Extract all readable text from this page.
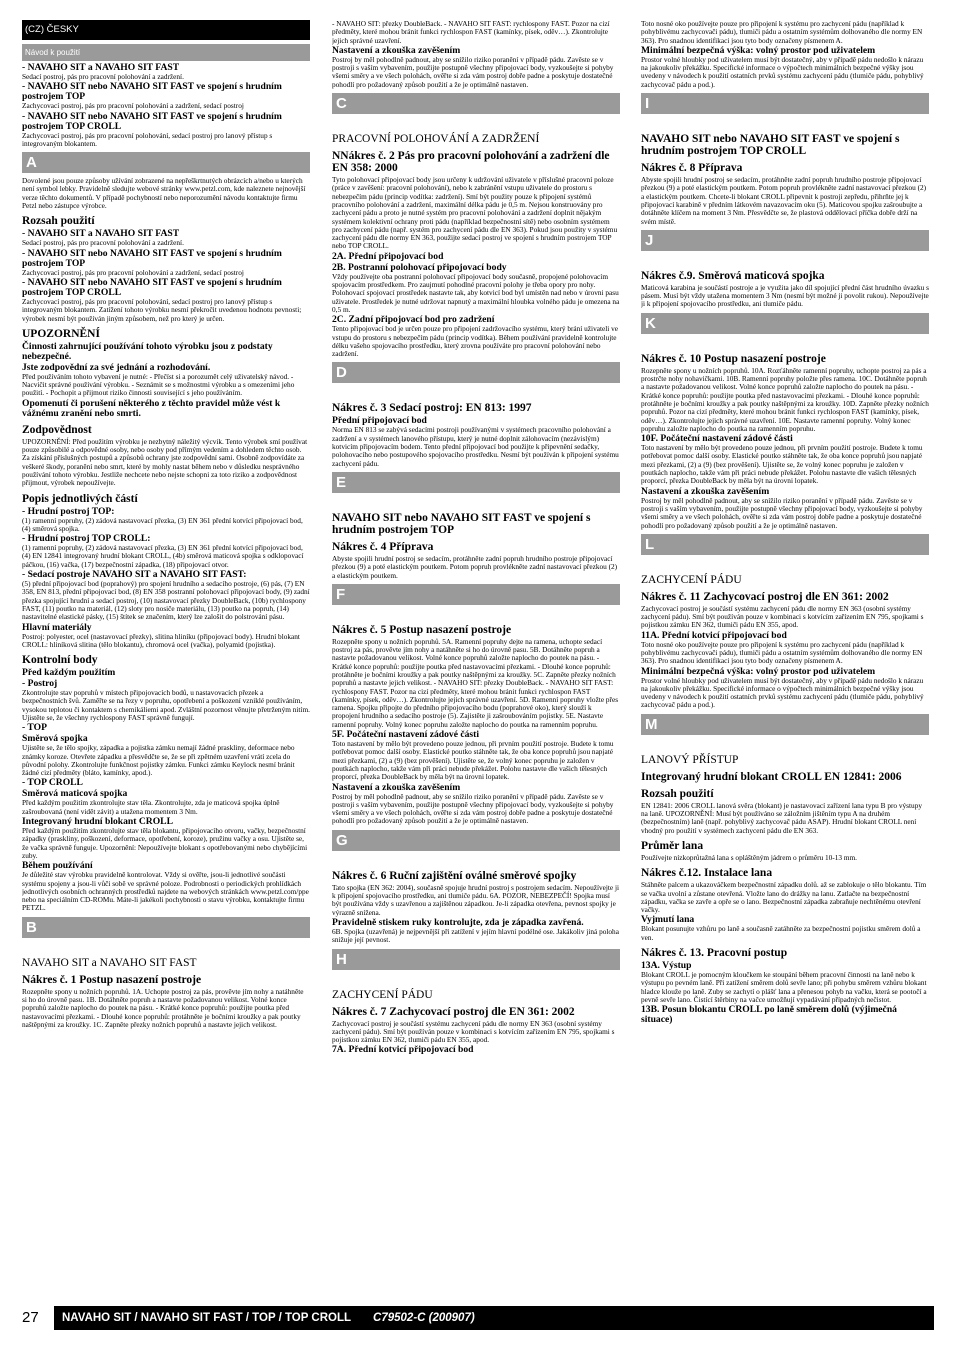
(CZ) ČESKY
Návod k použití

- NAVAHO SIT a NAVAHO SIT FAST

Sedací postroj, pás pro pracovní polohování a zadržení.

- NAVAHO SIT nebo NAVAHO SIT FAST ve spojení s hrudním postrojem TOP

Zachycovací postroj, pás pro pracovní polohování a zadržení, sedací postroj

- NAVAHO SIT nebo NAVAHO SIT FAST ve spojení s hrudním postrojem TOP CROLL

Zachycovací postroj, pás pro pracovní polohování, sedací postroj pro lanový přístup s integrovaným blokantem.

A

Dovolené jsou pouze způsoby užívání zobrazené na nepřeškrtnutých obrázcích a/nebo u kterých není symbol lebky. Pravidelně sledujte webové stránky www.petzl.com, kde naleznete nejnovější verze těchto dokumentů. V případě pochybností nebo neporozumění návodu kontaktujte firmu Petzl nebo zástupce výrobce.

Rozsah použití

- NAVAHO SIT a NAVAHO SIT FAST

Sedací postroj, pás pro pracovní polohování a zadržení.

- NAVAHO SIT nebo NAVAHO SIT FAST ve spojení s hrudním postrojem TOP

Zachycovací postroj, pás pro pracovní polohování a zadržení, sedací postroj

- NAVAHO SIT nebo NAVAHO SIT FAST ve spojení s hrudním postrojem TOP CROLL

Zachycovací postroj, pás pro pracovní polohování, sedací postroj pro lanový přístup s integrovaným blokantem. Zatížení tohoto výrobku nesmí překročit uvedenou hodnotu pevnosti; výrobek nesmí být používán jiným způsobem, než pro který je určen.

UPOZORNĚNÍ

Činnosti zahrnující používání tohoto výrobku jsou z podstaty nebezpečné.

Jste zodpovědní za své jednání a rozhodování.

Před používáním tohoto vybavení je nutné: - Přečíst si a porozumět celý uživatelský návod. - Nacvičit správné používání výrobku. - Seznámit se s možnostmi výrobku a s omezeními jeho použití. - Pochopit a přijmout riziko činnosti související s jeho používáním.

Opomenutí či porušení některého z těchto pravidel může vést k vážnému zranění nebo smrti.

Zodpovědnost

UPOZORNĚNÍ: Před použitím výrobku je nezbytný náležitý výcvik. Tento výrobek smí používat pouze způsobilé a odpovědné osoby, nebo osoby pod přímým vedením a dohledem těchto osob. Za získání příslušných postupů a způsobů ochrany jste zodpovědní sami. Osobně zodpovídáte za veškeré škody, poranění nebo smrt, které by mohly nastat během nebo v důsledku nesprávného používání tohoto výrobku. Jestliže nechcete nebo nejste schopni za toto riziko a zodpovědnost přijmout, výrobek nepoužívejte.

Popis jednotlivých částí

- Hrudní postroj TOP:

(1) ramenní popruhy, (2) zádová nastavovací přezka, (3) EN 361 přední kotvící připojovací bod, (4) směrová spojka.

- Hrudní postroj TOP CROLL:

(1) ramenní popruhy, (2) zádová nastavovací přezka, (3) EN 361 přední kotvící připojovací bod, (4) EN 12841 integrovaný hrudní blokant CROLL, (4b) směrová maticová spojka s odklopovací páčkou, (16) vačka, (17) bezpečnostní západka, (18) připojovací otvor.

- Sedací postroje NAVAHO SIT a NAVAHO SIT FAST:

(5) přední připojovací bod (poprahový) pro spojení hrudního a sedacího postroje, (6) pás, (7) EN 358, EN 813, přední připojovací bod, (8) EN 358 postranní polohovací připojovací body, (9) zadní přezka spojující hrudní a sedací postroj, (10) nastavovací přezky DoubleBack, (10b) rychlospony FAST, (11) poutko na materiál, (12) sloty pro nosiče materiálu, (13) poutko na popruh, (14) nastavitelné elastické pásky, (15) štítek se značením, který lze zalošit do polstrování pásu.

Hlavní materiály

Postroj: polyester, ocel (nastavovací přezky), slitina hliníku (připojovací body). Hrudní blokant CROLL: hliníková slitina (tělo blokantu), chromová ocel (vačka), polyamid (pojistka).

Kontrolní body

Před každým použitím

- Postroj

Zkontrolujte stav popruhů v místech připojovacích bodů, u nastavovacích přezek a bezpečnostních švů. Zaměřte se na řezy v popruhu, opotřebení a poškození vzniklé používáním, vysokou teplotou či kontaktem s chemikáliemi apod. Zvláštní pozornost věnujte přetrženým nitím. Ujistěte se, že všechny rychlospony FAST správně fungují.

- TOP

Směrová spojka

Ujistěte se, že tělo spojky, západka a pojistka zámku nemají žádné praskliny, deformace nebo známky koroze. Otevřete západku a přesvědčte se, že se při zpětném uzavření vrátí zcela do původní polohy. Zkontrolujte funkčnost pojistky zámku. Funkci zámku Keylock nesmí bránit žádné cizí předměty (bláto, kamínky, apod.).

- TOP CROLL

Směrová maticová spojka

Před každým použitím zkontrolujte stav těla. Zkontrolujte, zda je maticová spojka úplně zašroubovaná (není vidět závit) a utažena momentem 3 Nm.

Integrovaný hrudní blokant CROLL

Před každým použitím zkontrolujte stav těla blokantu, připojovacího otvoru, vačky, bezpečnostní západky (praskliny, poškození, deformace, opotřebení, koroze), pružinu vačky a osu. Ujistěte se, že vačka správně funguje. Upozornění: Nepoužívejte blokant s opotřebovanými nebo chybějícími zuby.

Během používání

Je důležité stav výrobku pravidelně kontrolovat. Vždy si ověřte, jsou-li jednotlivé součásti systému spojeny a jsou-li vůči sobě ve správné poloze. Podrobnosti o periodických prohlídkách jednotlivých osobních ochranných prostředků najdete na webových stránkách www.petzl.com/ppe nebo na speciálním CD-ROMu. Máte-li jakékoli pochybnosti o stavu výrobku, kontaktujte firmu PETZL.

B

NAVAHO SIT a NAVAHO SIT FAST

Nákres č. 1 Postup nasazení postroje

Rozepněte spony u nožních popruhů. 1A. Uchopte postroj za pás, prověvte jím nohy a natáhněte si ho do úrovně pasu. 1B. Dotáhněte popruh a nastavte požadovanou velikost. Volné konce popruhů založte naplocho do poutek na pásu. - Krátké konce popruhů: použijte poutka před nastavovacími přezkami. - Dlouhé konce popruhů: protáhněte je bočními kroužky a pak poutky naštěpnými za kroužky. 1C. Zapněte přezky nožních popruhů a nastavte jejich velikost.

- NAVAHO SIT: přezky DoubleBack. - NAVAHO SIT FAST: rychlospony FAST. Pozor na cizí předměty, které mohou bránit funkci rychlospon FAST (kamínky, písek, oděv…). Zkontrolujte jejich správné uzavření.

Nastavení a zkouška zavěšením

Postroj by měl pohodlně padnout, aby se snížilo riziko poranění v případě pádu. Zavěste se v postroji s vaším vybavením, použijte postupně všechny připojovací body, vyzkoušejte si pohyby všemi směry a ve všech polohách, ověřte si zda vám postroj dobře padne a poskytuje dostatečné pohodlí pro požadovaný způsob použití a že je optimálně nastaven.

C

PRACOVNÍ POLOHOVÁNÍ A ZADRŽENÍ

NNákres č. 2 Pás pro pracovní polohování a zadržení dle EN 358: 2000

Tyto polohovací připojovací body jsou určeny k udržování uživatele v příslušné pracovní poloze (práce v zavěšení: pracovní polohování), nebo k zabránění vstupu uživatele do prostoru s nebezpečím pádu (princip vodítka: zadržení). Smí být použity pouze k připojení systémů pracovního polohování a zadržení, maximální délka pádu je 0,5 m. Nejsou konstruovány pro zachycení pádu a proto je nutné systém pro pracovní polohování a zadržení doplnit nějakým systémem kolektivní ochrany proti pádu (například bezpečnostní sítě) nebo osobním systémem pro zachycení pádu (např. systém pro zachycení pádu dle EN 363). Pokud jsou použity v systému zachycení pádu dle normy EN 363, použijte sedací postroj ve spojení s hrudním postrojem TOP nebo TOP CROLL.

2A. Přední připojovací bod

2B. Postranní polohovací připojovací body

Vždy používejte oba postranní polohovací připojovací body současně, propojené polohovacím spojovacím prostředkem. Pro zaujmutí pohodlné pracovní polohy je třeba opory pro nohy. Polohovací spojovací prostředek nastavte tak, aby kotvicí bod byl umístěn nad nebo v úrovni pasu uživatele. Prostředek je nutné udržovat napnutý a maximální hloubka volného pádu je omezena na 0,5 m.

2C. Zadní připojovací bod pro zadržení

Tento připojovací bod je určen pouze pro připojení zadržovacího systému, který brání uživateli ve vstupu do prostoru s nebezpečím pádu (princip vodítka). Během používání pravidelně kontrolujte délku vašeho spojovacího prostředku, který zrovna používáte pro pracovní polohování nebo zadržení.

D

Nákres č. 3 Sedací postroj: EN 813: 1997

Přední připojovací bod

Norma EN 813 se zabývá sedacími postroji používanými v systémech pracovního polohování a zadržení a v systémech lanového přístupu, který je nutné doplnit zálohovacím (nezávislým) kotvicím připojovacím bodem. Tento přední připojovací bod použijte k připevnění sedačky, polohovacího nebo postupového spojovacího prostředku. Nesmí být používán k připojení systému zachycení pádu.

E

NAVAHO SIT nebo NAVAHO SIT FAST ve spojení s hrudním postrojem TOP

Nákres č. 4 Příprava

Abyste spojili hrudní postroj se sedacím, protáhněte zadní popruh hrudního postroje připojovací přezkou (9) a poté elastickým poutkem. Potom popruh provlékněte zadní nastavovací přezkou (2) a elastickým poutkem.

F

Nákres č. 5 Postup nasazení postroje

Rozepněte spony u nožních popruhů. 5A. Ramenní popruhy dejte na ramena, uchopte sedací postroj za pás, prověvte jím nohy a natáhněte si ho do úrovně pasu. 5B. Dotáhněte popruh a nastavte požadovanou velikost. Volné konce popruhů založte naplocho do poutek na pásu. - Krátké konce popruhů: použijte poutka před nastavovacími přezkami. - Dlouhé konce popruhů: protáhněte je bočními kroužky a pak poutky naštěpnými za kroužky. 5C. Zapněte přezky nožních popruhů a nastavte jejich velikost. - NAVAHO SIT: přezky DoubleBack. - NAVAHO SIT FAST: rychlospony FAST. Pozor na cizí předměty, které mohou bránit funkci rychlospon FAST (kamínky, písek, oděv…). Zkontrolujte jejich správné uzavření. 5D. Ramenní popruhy vložte přes ramena. Spojku připojte do předního připojovacího bodu (poprahové oko), který slouží k propojení hrudního a sedacího postroje (5). Zajistěte ji zašroubováním pojistky. 5E. Nastavte ramenní popruhy. Volný konec popruhu založte naplocho do poutka na ramenním popruhu.

5F. Počáteční nastavení zádové části

Toto nastavení by mělo být provedeno pouze jednou, při prvním použití postroje. Budete k tomu potřebovat pomoc další osoby. Elastické poutko stáhněte tak, že oba konce popruhů jsou napjaté mezi přezkami, (2) a (9) (bez prověšení). Ujistěte se, že volný konec popruhu je založen v poutkách naplocho, takže vám při práci nebude překážet. Polohu nastavte dle vašich tělesných proporcí, přezka DoubleBack by měla být na úrovni lopatek.

Nastavení a zkouška zavěšením

Postroj by měl pohodlně padnout, aby se snížilo riziko poranění v případě pádu. Zavěste se v postroji s vaším vybavením, použijte postupně všechny připojovací body, vyzkoušejte si pohyby všemi směry a ve všech polohách, ověřte si zda vám postroj dobře padne a poskytuje dostatečné pohodlí pro požadovaný způsob použití a že je optimálně nastaven.

G

Nákres č. 6 Ruční zajištění oválné směrové spojky

Tato spojka (EN 362: 2004), současně spojuje hrudní postroj s postrojem sedacím. Nepoužívejte ji k připojení spojovacího prostředku, ani tlumiče pádu. 6A. POZOR, NEBEZPEČÍ! Spojka musí být používána vždy s uzavřenou a zajištěnou západkou. Je-li západka otevřena, pevnost spojky je výrazně snížena.

Pravidelně stiskem ruky kontrolujte, zda je západka zavřená.

6B. Spojka (uzavřená) je nejpevnější při zatížení v jejím hlavní podélné ose. Jakákoliv jiná poloha snižuje její pevnost.

H

ZACHYCENÍ PÁDU

Nákres č. 7 Zachycovací postroj dle EN 361: 2002

Zachycovací postroj je součástí systému zachycení pádu dle normy EN 363 (osobní systémy zachycení pádu). Smí být používán pouze v kombinaci s kotvícím zařízením EN 795, spojkami s pojistkou zámku EN 362, tlumiči pádu EN 355, apod.

7A. Přední kotvicí připojovací bod

Toto nosné oko používejte pouze pro připojení k systému pro zachycení pádu (například k pohyblivému zachycovači pádu), tlumiči pádu a ostatním systémům dolhovaného dle normy EN 363). Pro snadnou identifikaci jsou tyto body označeny písmenem A.

Minimální bezpečná výška: volný prostor pod uživatelem

Prostor volné hloubky pod uživatelem musí být dostatečný, aby v případě pádu nedošlo k nárazu na jakoukoliv překážku. Specifické informace o výpočtech minimálních bezpečné výšky jsou uvedeny v návodech k použití ostatních prvků systému zachycení pádu (tlumiče pádu, pohyblivý zachycovač pádu a pod.).

I

NAVAHO SIT nebo NAVAHO SIT FAST ve spojení s hrudním postrojem TOP CROLL

Nákres č. 8 Příprava

Abyste spojili hrudní postroj se sedacím, protáhněte zadní popruh hrudního postroje připojovací přezkou (9) a poté elastickým poutkem. Potom popruh provlékněte zadní nastavovací přezkou (2) a elastickým poutkem. Chcete-li blokant CROLL připevnit k postroji zepředu, přihrňte jej k připojovací karabině v předním látkovém navazovacím oku (5). Maticovou spojku zašroubujte a dotáhněte klíčem na moment 3 Nm. Přesvědčte se, že plastová oddělovací příčka dobře drží na svém místě.

J

Nákres č.9. Směrová maticová spojka

Maticová karabina je součástí postroje a je využita jako díl spojující přední část hrudního úvazku s pásem. Musí být vždy utažena momentem 3 Nm (nesmí být možné ji povolit rukou). Nepoužívejte ji k připojení spojovacího prostředku, ani tlumiče pádu.

K

Nákres č. 10 Postup nasazení postroje

Rozepněte spony u nožních popruhů. 10A. Rozťáhněte ramenní popruhy, uchopte postroj za pás a prostrčte nohy nohavičkami. 10B. Ramenní popruhy položte přes ramena. 10C. Dotáhněte popruh a nastavte požadovanou velikost. Volné konce popruhů založte naplocho do poutek na pásu. - Krátké konce popruhů: použijte poutka před nastavovacími přezkami. - Dlouhé konce popruhů: protáhněte je bočními kroužky a pak poutky naštěpnými za kroužky. 10D. Zapněte přezky nožních popruhů. Pozor na cizí předměty, které mohou bránit funkci rychlospon FAST (kamínky, písek, oděv…). Zkontrolujte jejich správné uzavření. 10E. Nastavte ramenní popruhy. Volný konec popruhu založte naplocho do poutka na ramenním popruhu.

10F. Počáteční nastavení zádové části

Toto nastavení by mělo být provedeno pouze jednou, při prvním použití postroje. Budete k tomu potřebovat pomoc další osoby. Elastické poutko stáhněte tak, že oba konce popruhů jsou napjaté mezi přezkami, (2) a (9) (bez prověšení). Ujistěte se, že volný konec popruhu je založen v poutkách naplocho, takže vám při práci nebude překážet. Polohu nastavte dle vašich tělesných proporcí, přezka DoubleBack by měla být na úrovni lopatek.

Nastavení a zkouška zavěšením

Postroj by měl pohodlně padnout, aby se snížilo riziko poranění v případě pádu. Zavěste se v postroji s vaším vybavením, použijte postupně všechny připojovací body, vyzkoušejte si pohyby všemi směry a ve všech polohách, ověřte si zda vám postroj dobře padne a poskytuje dostatečné pohodlí pro požadovaný způsob použití a že je optimálně nastaven.

L

ZACHYCENÍ PÁDU

Nákres č. 11 Zachycovací postroj dle EN 361: 2002

Zachycovací postroj je součástí systému zachycení pádu dle normy EN 363 (osobní systémy zachycení pádu). Smí být používán pouze v kombinaci s kotvícím zařízením EN 795, spojkami s pojistkou zámku EN 362, tlumiči pádu EN 355, apod.

11A. Přední kotvicí připojovací bod

Toto nosné oko používejte pouze pro připojení k systému pro zachycení pádu (například k pohyblivému zachycovači pádu), tlumiči pádu a ostatním systémům dolhovaného dle normy EN 363). Pro snadnou identifikaci jsou tyto body označeny písmenem A.

Minimální bezpečná výška: volný prostor pod uživatelem

Prostor volné hloubky pod uživatelem musí být dostatečný, aby v případě pádu nedošlo k nárazu na jakoukoliv překážku. Specifické informace o výpočtech minimálních bezpečné výšky jsou uvedeny v návodech k použití ostatních prvků systému zachycení pádu (tlumiče pádu, pohyblivý zachycovač pádu a pod.).

M

LANOVÝ PŘÍSTUP

Integrovaný hrudní blokant CROLL EN 12841: 2006

Rozsah použití

EN 12841: 2006 CROLL lanová svěra (blokant) je nastavovací zařízení lana typu B pro výstupy na laně. UPOZORNĚNÍ: Musí být používáno se záložním jištěním typu A na druhém (bezpečnostním) laně (např. pohyblivý zachycovač pádu ASAP). Hrudní blokant CROLL není vhodný pro použití v systémech zachycení pádu dle EN 363.

Průměr lana

Používejte nízkoprůtažná lana s opláštěným jádrem o průměru 10-13 mm.

Nákres č.12. Instalace lana

Stáhněte palcem a ukazováčkem bezpečnostní západku dolů. až se zablokuje o tělo blokantu. Tím se vačka uvolní a zůstane otevřená. Vložte lano do drážky na lanu. Zatlačte na bezpečnostní západku, vačka se zavře a opře se o lano. Bezpečnostní západka zabraňuje nechtěnému otevření vačky.

Vyjmutí lana

Blokant posunujte vzhůru po laně a současně zatáhněte za bezpečnostní pojistku směrem dolů a ven.

Nákres č. 13. Pracovní postup

13A. Výstup

Blokant CROLL je pomocným kloučkem ke stoupání během pracovní činnosti na laně nebo k výstupu po pevném laně. Při zatížení směrem dolů sevře lano; při pohybu směrem vzhůru blokant hladce klouže po laně. Zuby se zachytí o plášť lana a přenesou pohyb na vačku, která se pootočí a pevně sevře lano. Čistící štěrbiny na vačce umožňují vypadávání případných nečistot.

13B. Posun blokantu CROLL po laně směrem dolů (výjimečná situace)

27	NAVAHO SIT / NAVAHO SIT FAST / TOP / TOP CROLL C79502-C (200907)
